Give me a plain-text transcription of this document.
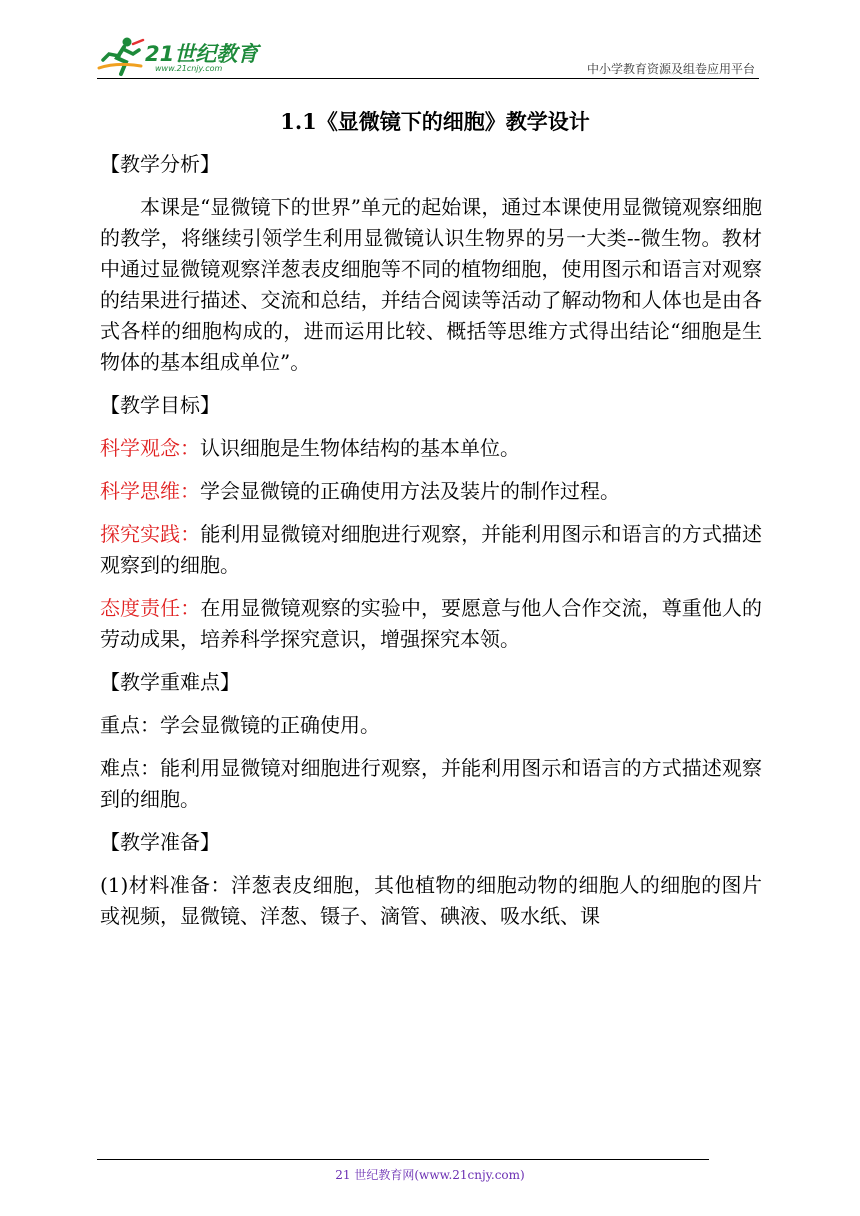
21世纪教育
www.21cnjy.com	中小学教育资源及组卷应用平台
1.1《显微镜下的细胞》教学设计

【教学分析】

本课是“显微镜下的世界”单元的起始课，通过本课使用显微镜观察细胞的教学，将继续引领学生利用显微镜认识生物界的另一大类--微生物。教材中通过显微镜观察洋葱表皮细胞等不同的植物细胞，使用图示和语言对观察的结果进行描述、交流和总结，并结合阅读等活动了解动物和人体也是由各式各样的细胞构成的，进而运用比较、概括等思维方式得出结论“细胞是生物体的基本组成单位”。

【教学目标】

科学观念：认识细胞是生物体结构的基本单位。

科学思维：学会显微镜的正确使用方法及装片的制作过程。

探究实践：能利用显微镜对细胞进行观察，并能利用图示和语言的方式描述观察到的细胞。

态度责任：在用显微镜观察的实验中，要愿意与他人合作交流，尊重他人的劳动成果，培养科学探究意识，增强探究本领。

【教学重难点】

重点：学会显微镜的正确使用。

难点：能利用显微镜对细胞进行观察，并能利用图示和语言的方式描述观察到的细胞。

【教学准备】

(1)材料准备：洋葱表皮细胞，其他植物的细胞动物的细胞人的细胞的图片或视频，显微镜、洋葱、镊子、滴管、碘液、吸水纸、课

21 世纪教育网(www.21cnjy.com)
